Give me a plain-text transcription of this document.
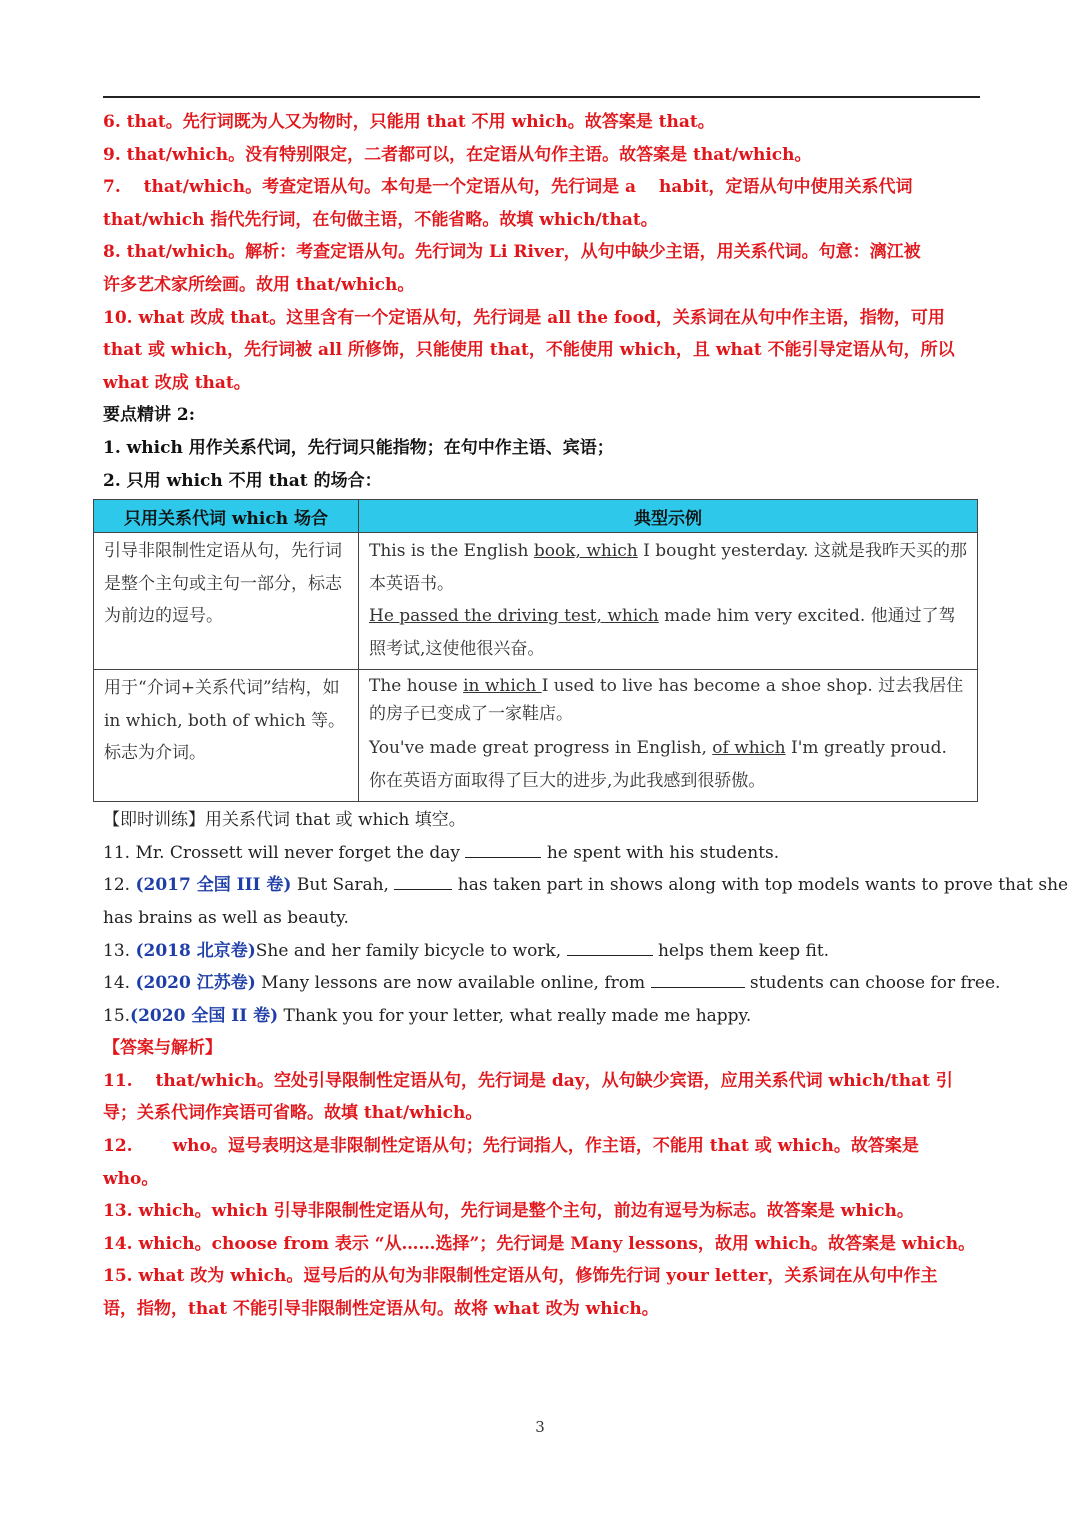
6. that。先行词既为人又为物时，只能用 that 不用 which。故答案是 that。
9. that/which。没有特别限定，二者都可以，在定语从句作主语。故答案是 that/which。
7.　 that/which。考查定语从句。本句是一个定语从句，先行词是 a　 habit，定语从句中使用关系代词
that/which 指代先行词，在句做主语，不能省略。故填 which/that。
8. that/which。解析：考查定语从句。先行词为 Li River，从句中缺少主语，用关系代词。句意：漓江被
许多艺术家所绘画。故用 that/which。
10. what 改成 that。这里含有一个定语从句，先行词是 all the food，关系词在从句中作主语，指物，可用
that 或 which，先行词被 all 所修饰，只能使用 that，不能使用 which，且 what 不能引导定语从句，所以
what 改成 that。
要点精讲 2:
1. which 用作关系代词，先行词只能指物；在句中作主语、宾语；
2. 只用 which 不用 that 的场合：
只用关系代词 which 场合	典型示例
引导非限制性定语从句，先行词是整个主句或主句一部分，标志为前边的逗号。	This is the English book, which I bought yesterday. 这就是我昨天买的那本英语书。
He passed the driving test, which made him very excited. 他通过了驾照考试,这使他很兴奋。

用于“介词+关系代词”结构，如 in which, both of which 等。标志为介词。	The house in which I used to live has become a shoe shop. 过去我居住的房子已变成了一家鞋店。
You've made great progress in English, of which I'm greatly proud. 你在英语方面取得了巨大的进步,为此我感到很骄傲。
【即时训练】用关系代词 that 或 which 填空。
11. Mr. Crossett will never forget the day	he spent with his students.
12. (2017 全国 III 卷) But Sarah,	has taken part in shows along with top models wants to prove that she
has brains as well as beauty.
13. (2018 北京卷)She and her family bicycle to work,	helps them keep fit.
14. (2020 江苏卷) Many lessons are now available online, from	students can choose for free.
15.(2020 全国 II 卷) Thank you for your letter, what really made me happy.
【答案与解析】
11.　 that/which。空处引导限制性定语从句，先行词是 day，从句缺少宾语，应用关系代词 which/that 引
导；关系代词作宾语可省略。故填 that/which。
12.　　 who。逗号表明这是非限制性定语从句；先行词指人，作主语，不能用 that 或 which。故答案是
who。
13. which。which 引导非限制性定语从句，先行词是整个主句，前边有逗号为标志。故答案是 which。
14. which。choose from 表示 “从……选择”；先行词是 Many lessons，故用 which。故答案是 which。
15. what 改为 which。逗号后的从句为非限制性定语从句，修饰先行词 your letter，关系词在从句中作主
语，指物，that 不能引导非限制性定语从句。故将 what 改为 which。
3
